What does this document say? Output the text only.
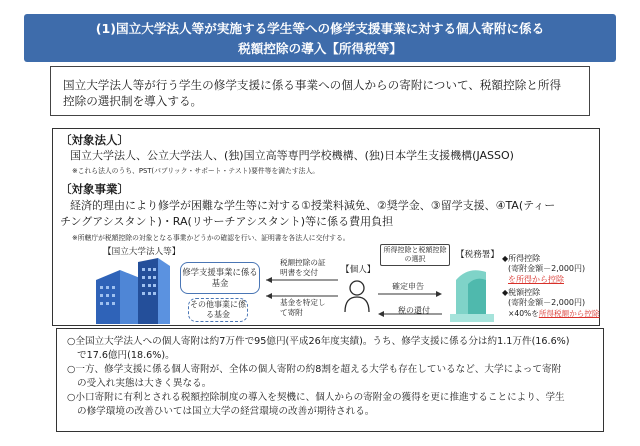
(1)国立大学法人等が実施する学生等への修学支援事業に対する個人寄附に係る
税額控除の導入【所得税等】
国立大学法人等が行う学生の修学支援に係る事業への個人からの寄附について、税額控除と所得
控除の選択制を導入する。
〔対象法人〕
国立大学法人、公立大学法人、(独)国立高等専門学校機構、(独)日本学生支援機構(JASSO)
※これら法人のうち、PST(パブリック・サポート・テスト)要件等を満たす法人。
〔対象事業〕
経済的理由により修学が困難な学生等に対する①授業料減免、②奨学金、③留学支援、④TA(ティー
チングアシスタント)・RA(リサーチアシスタント)等に係る費用負担
※所轄庁が税額控除の対象となる事業かどうかの確認を行い、証明書を各法人に交付する。
【国立大学法人等】
修学支援事業に係る基金
その他事業に係る基金
税額控除の証明書を交付
基金を特定して寄附
【個人】
所得控除と税額控除の選択
確定申告
税の還付
【税務署】 ◆所得控除
(寄附金額－2,000円)
を所得から控除
◆税額控除
(寄附金額－2,000円)
×40%を所得税額から控除

○全国立大学法人への個人寄附は約7万件で95億円(平成26年度実績)。うち、修学支援に係る分は約1.1万件(16.6%)

で17.6億円(18.6%)。

○一方、修学支援に係る個人寄附が、全体の個人寄附の約8割を超える大学も存在しているなど、大学によって寄附

の受入れ実態は大きく異なる。

○小口寄附に有利とされる税額控除制度の導入を契機に、個人からの寄附金の獲得を更に推進することにより、学生

の修学環境の改善ひいては国立大学の経営環境の改善が期待される。
